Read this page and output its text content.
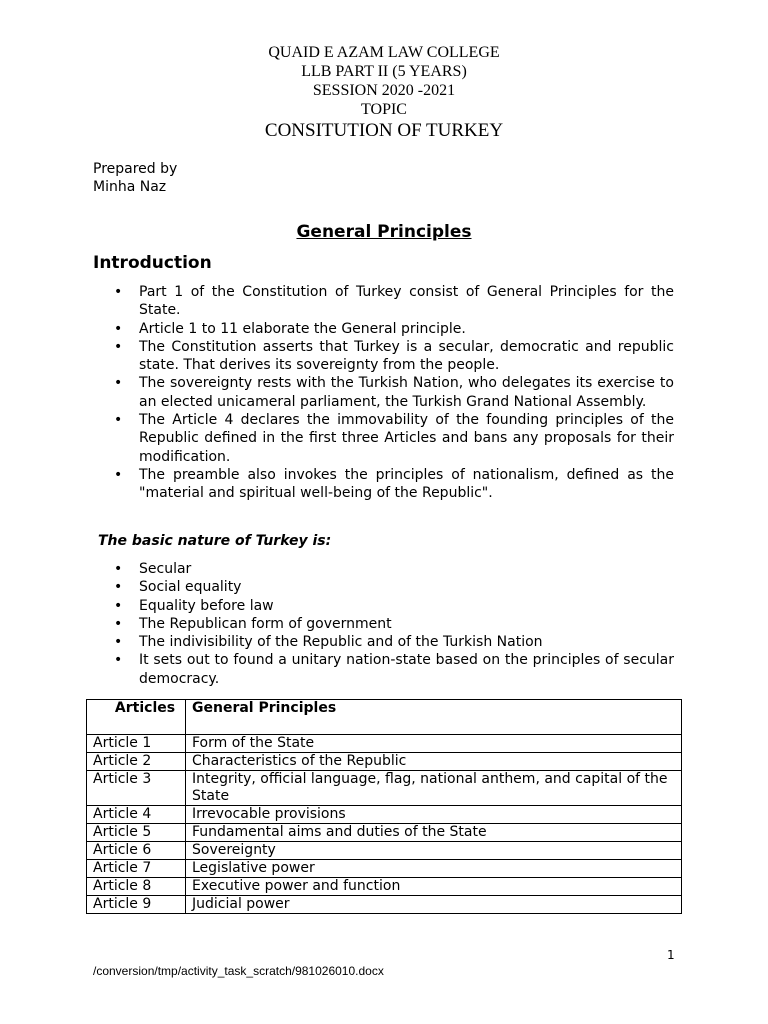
QUAID E AZAM LAW COLLEGE
LLB PART II (5 YEARS)
SESSION 2020 -2021
TOPIC
CONSITUTION OF TURKEY
Prepared by
Minha Naz
General Principles
Introduction
• Part 1 of the Constitution of Turkey consist of General Principles for the State.
• Article 1 to 11 elaborate the General principle.
• The Constitution asserts that Turkey is a secular, democratic and republic state. That derives its sovereignty from the people.
• The sovereignty rests with the Turkish Nation, who delegates its exercise to an elected unicameral parliament, the Turkish Grand National Assembly.
• The Article 4 declares the immovability of the founding principles of the Republic defined in the first three Articles and bans any proposals for their modification.
• The preamble also invokes the principles of nationalism, defined as the "material and spiritual well-being of the Republic".
The basic nature of Turkey is:
• Secular
• Social equality
• Equality before law
• The Republican form of government
• The indivisibility of the Republic and of the Turkish Nation
• It sets out to found a unitary nation-state based on the principles of secular democracy.
Articles	General Principles
Article 1	Form of the State
Article 2	Characteristics of the Republic
Article 3	Integrity, official language, flag, national anthem, and capital of the State
Article 4	Irrevocable provisions
Article 5	Fundamental aims and duties of the State
Article 6	Sovereignty
Article 7	Legislative power
Article 8	Executive power and function
Article 9	Judicial power
1
/conversion/tmp/activity_task_scratch/981026010.docx
